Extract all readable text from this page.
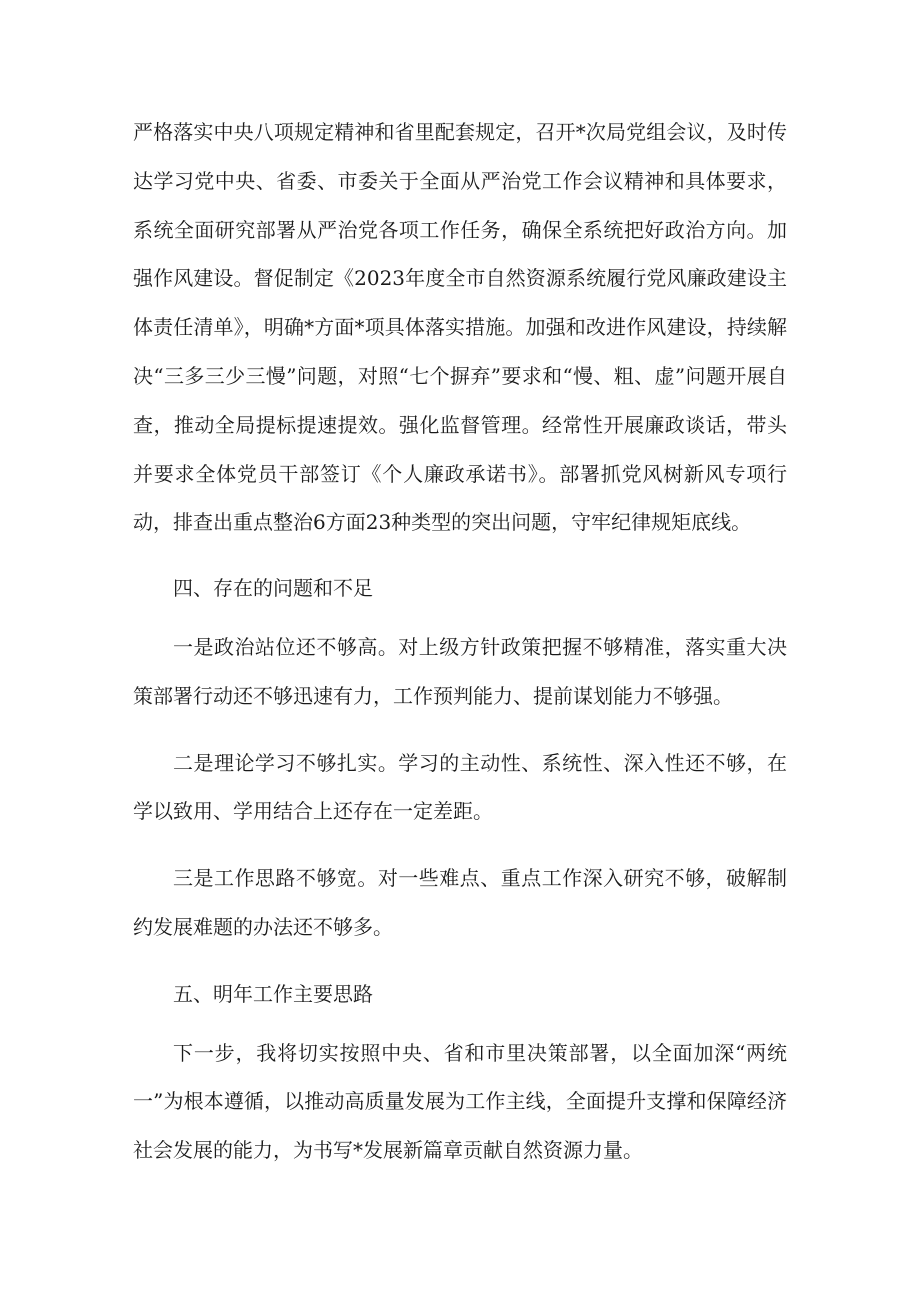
严格落实中央八项规定精神和省里配套规定，召开*次局党组会议，及时传达学习党中央、省委、市委关于全面从严治党工作会议精神和具体要求，系统全面研究部署从严治党各项工作任务，确保全系统把好政治方向。加强作风建设。督促制定《2023年度全市自然资源系统履行党风廉政建设主体责任清单》，明确*方面*项具体落实措施。加强和改进作风建设，持续解决“三多三少三慢”问题，对照“七个摒弃”要求和“慢、粗、虚”问题开展自查，推动全局提标提速提效。强化监督管理。经常性开展廉政谈话，带头并要求全体党员干部签订《个人廉政承诺书》。部署抓党风树新风专项行动，排查出重点整治6方面23种类型的突出问题，守牢纪律规矩底线。

四、存在的问题和不足

一是政治站位还不够高。对上级方针政策把握不够精准，落实重大决策部署行动还不够迅速有力，工作预判能力、提前谋划能力不够强。

二是理论学习不够扎实。学习的主动性、系统性、深入性还不够，在学以致用、学用结合上还存在一定差距。

三是工作思路不够宽。对一些难点、重点工作深入研究不够，破解制约发展难题的办法还不够多。

五、明年工作主要思路

下一步，我将切实按照中央、省和市里决策部署，以全面加深“两统一”为根本遵循，以推动高质量发展为工作主线，全面提升支撑和保障经济社会发展的能力，为书写*发展新篇章贡献自然资源力量。
